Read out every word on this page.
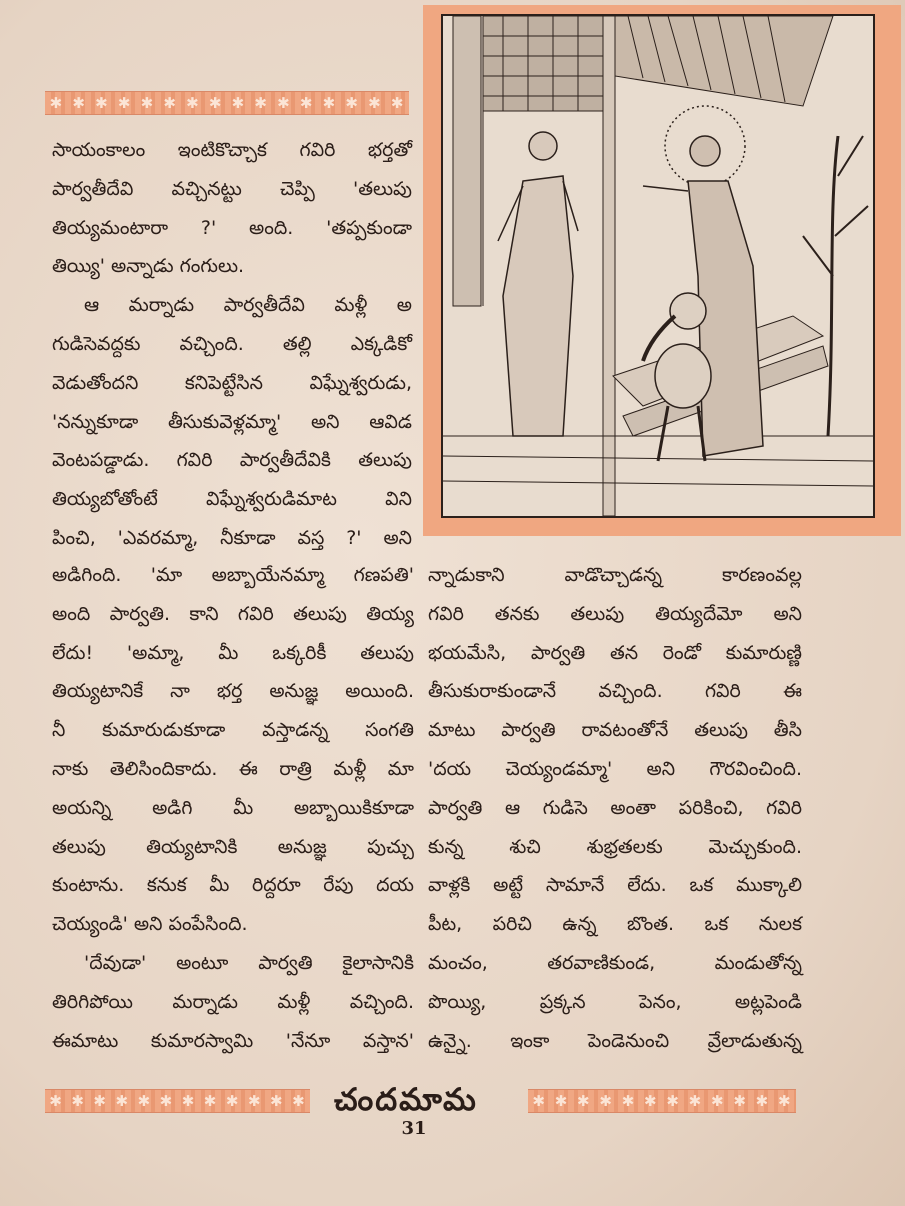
✱ ✱ ✱ ✱ ✱ ✱ ✱ ✱ ✱ ✱ ✱ ✱ ✱ ✱ ✱ ✱

సాయంకాలం ఇంటికొచ్చాక గవిరి భర్తతో

పార్వతీదేవి వచ్చినట్టు చెప్పి 'తలుపు

తియ్యమంటారా ?' అంది. 'తప్పకుండా

తియ్యి' అన్నాడు గంగులు.

ఆ మర్నాడు పార్వతీదేవి మళ్లీ అ

గుడిసెవద్దకు వచ్చింది. తల్లి ఎక్కడికో

వెడుతోందని కనిపెట్టేసిన విఘ్నేశ్వరుడు,

'నన్నుకూడా తీసుకువెళ్లమ్మా' అని ఆవిడ

వెంటపడ్డాడు. గవిరి పార్వతీదేవికి తలుపు

తియ్యబోతోంటే విఘ్నేశ్వరుడిమాట విని

పించి, 'ఎవరమ్మా, నీకూడా వస్త ?' అని

అడిగింది. 'మా అబ్బాయేనమ్మా గణపతి'

అంది పార్వతి. కాని గవిరి తలుపు తియ్య

లేదు! 'అమ్మా, మీ ఒక్కరికీ తలుపు

తియ్యటానికే నా భర్త అనుజ్ఞ అయింది.

నీ కుమారుడుకూడా వస్తాడన్న సంగతి

నాకు తెలిసిందికాదు. ఈ రాత్రి మళ్లీ మా

అయన్ని అడిగి మీ అబ్బాయికికూడా

తలుపు తియ్యటానికి అనుజ్ఞ పుచ్చు

కుంటాను. కనుక మీ రిద్దరూ రేపు దయ

చెయ్యండి' అని పంపేసింది.

'దేవుడా' అంటూ పార్వతి కైలాసానికి

తిరిగిపోయి మర్నాడు మళ్లీ వచ్చింది.

ఈమాటు కుమారస్వామి 'నేనూ వస్తాన'

న్నాడుకాని వాడొచ్చాడన్న కారణంవల్ల

గవిరి తనకు తలుపు తియ్యదేమో అని

భయమేసి, పార్వతి తన రెండో కుమారుణ్ణి

తీసుకురాకుండానే వచ్చింది. గవిరి ఈ

మాటు పార్వతి రావటంతోనే తలుపు తీసి

'దయ చెయ్యండమ్మా' అని గౌరవించింది.

పార్వతి ఆ గుడిసె అంతా పరికించి, గవిరి

కున్న శుచి శుభ్రతలకు మెచ్చుకుంది.

వాళ్లకి అట్టే సామానే లేదు. ఒక ముక్కాలి

పీట, పరిచి ఉన్న బొంత. ఒక నులక

మంచం, తరవాణికుండ, మండుతోన్న

పొయ్యి, ప్రక్కన పెనం, అట్లపెండి

ఉన్నై. ఇంకా పెండెనుంచి వ్రేలాడుతున్న

✱ ✱ ✱ ✱ ✱ ✱ ✱ ✱ ✱ ✱ ✱ ✱	✱ ✱ ✱ ✱ ✱ ✱ ✱ ✱ ✱ ✱ ✱ ✱
చందమామ
31
